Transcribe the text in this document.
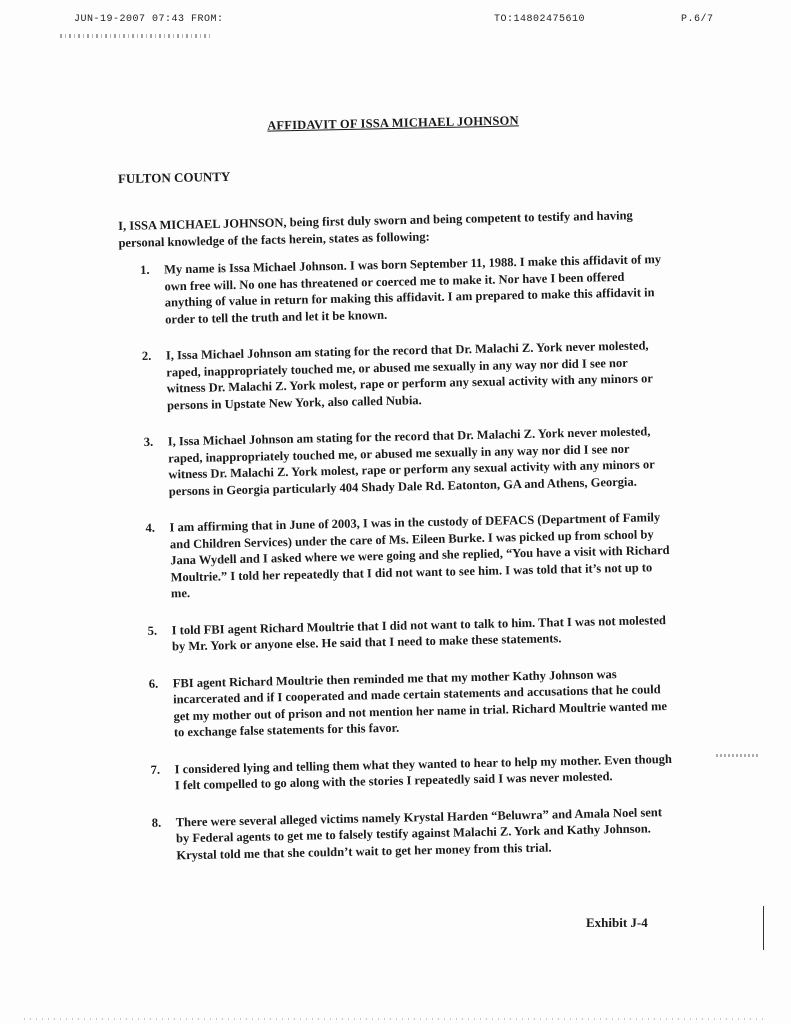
JUN-19-2007 07:43 FROM:	TO:14802475610	P.6/7
AFFIDAVIT OF ISSA MICHAEL JOHNSON
FULTON COUNTY
I, ISSA MICHAEL JOHNSON, being first duly sworn and being competent to testify and having personal knowledge of the facts herein, states as following:
1. My name is Issa Michael Johnson. I was born September 11, 1988. I make this affidavit of my own free will. No one has threatened or coerced me to make it. Nor have I been offered anything of value in return for making this affidavit. I am prepared to make this affidavit in order to tell the truth and let it be known.
2. I, Issa Michael Johnson am stating for the record that Dr. Malachi Z. York never molested, raped, inappropriately touched me, or abused me sexually in any way nor did I see nor witness Dr. Malachi Z. York molest, rape or perform any sexual activity with any minors or persons in Upstate New York, also called Nubia.
3. I, Issa Michael Johnson am stating for the record that Dr. Malachi Z. York never molested, raped, inappropriately touched me, or abused me sexually in any way nor did I see nor witness Dr. Malachi Z. York molest, rape or perform any sexual activity with any minors or persons in Georgia particularly 404 Shady Dale Rd. Eatonton, GA and Athens, Georgia.
4. I am affirming that in June of 2003, I was in the custody of DEFACS (Department of Family and Children Services) under the care of Ms. Eileen Burke. I was picked up from school by Jana Wydell and I asked where we were going and she replied, “You have a visit with Richard Moultrie.” I told her repeatedly that I did not want to see him. I was told that it’s not up to me.
5. I told FBI agent Richard Moultrie that I did not want to talk to him. That I was not molested by Mr. York or anyone else. He said that I need to make these statements.
6. FBI agent Richard Moultrie then reminded me that my mother Kathy Johnson was incarcerated and if I cooperated and made certain statements and accusations that he could get my mother out of prison and not mention her name in trial. Richard Moultrie wanted me to exchange false statements for this favor.
7. I considered lying and telling them what they wanted to hear to help my mother. Even though I felt compelled to go along with the stories I repeatedly said I was never molested.
8. There were several alleged victims namely Krystal Harden “Beluwra” and Amala Noel sent by Federal agents to get me to falsely testify against Malachi Z. York and Kathy Johnson. Krystal told me that she couldn’t wait to get her money from this trial.
Exhibit J-4
